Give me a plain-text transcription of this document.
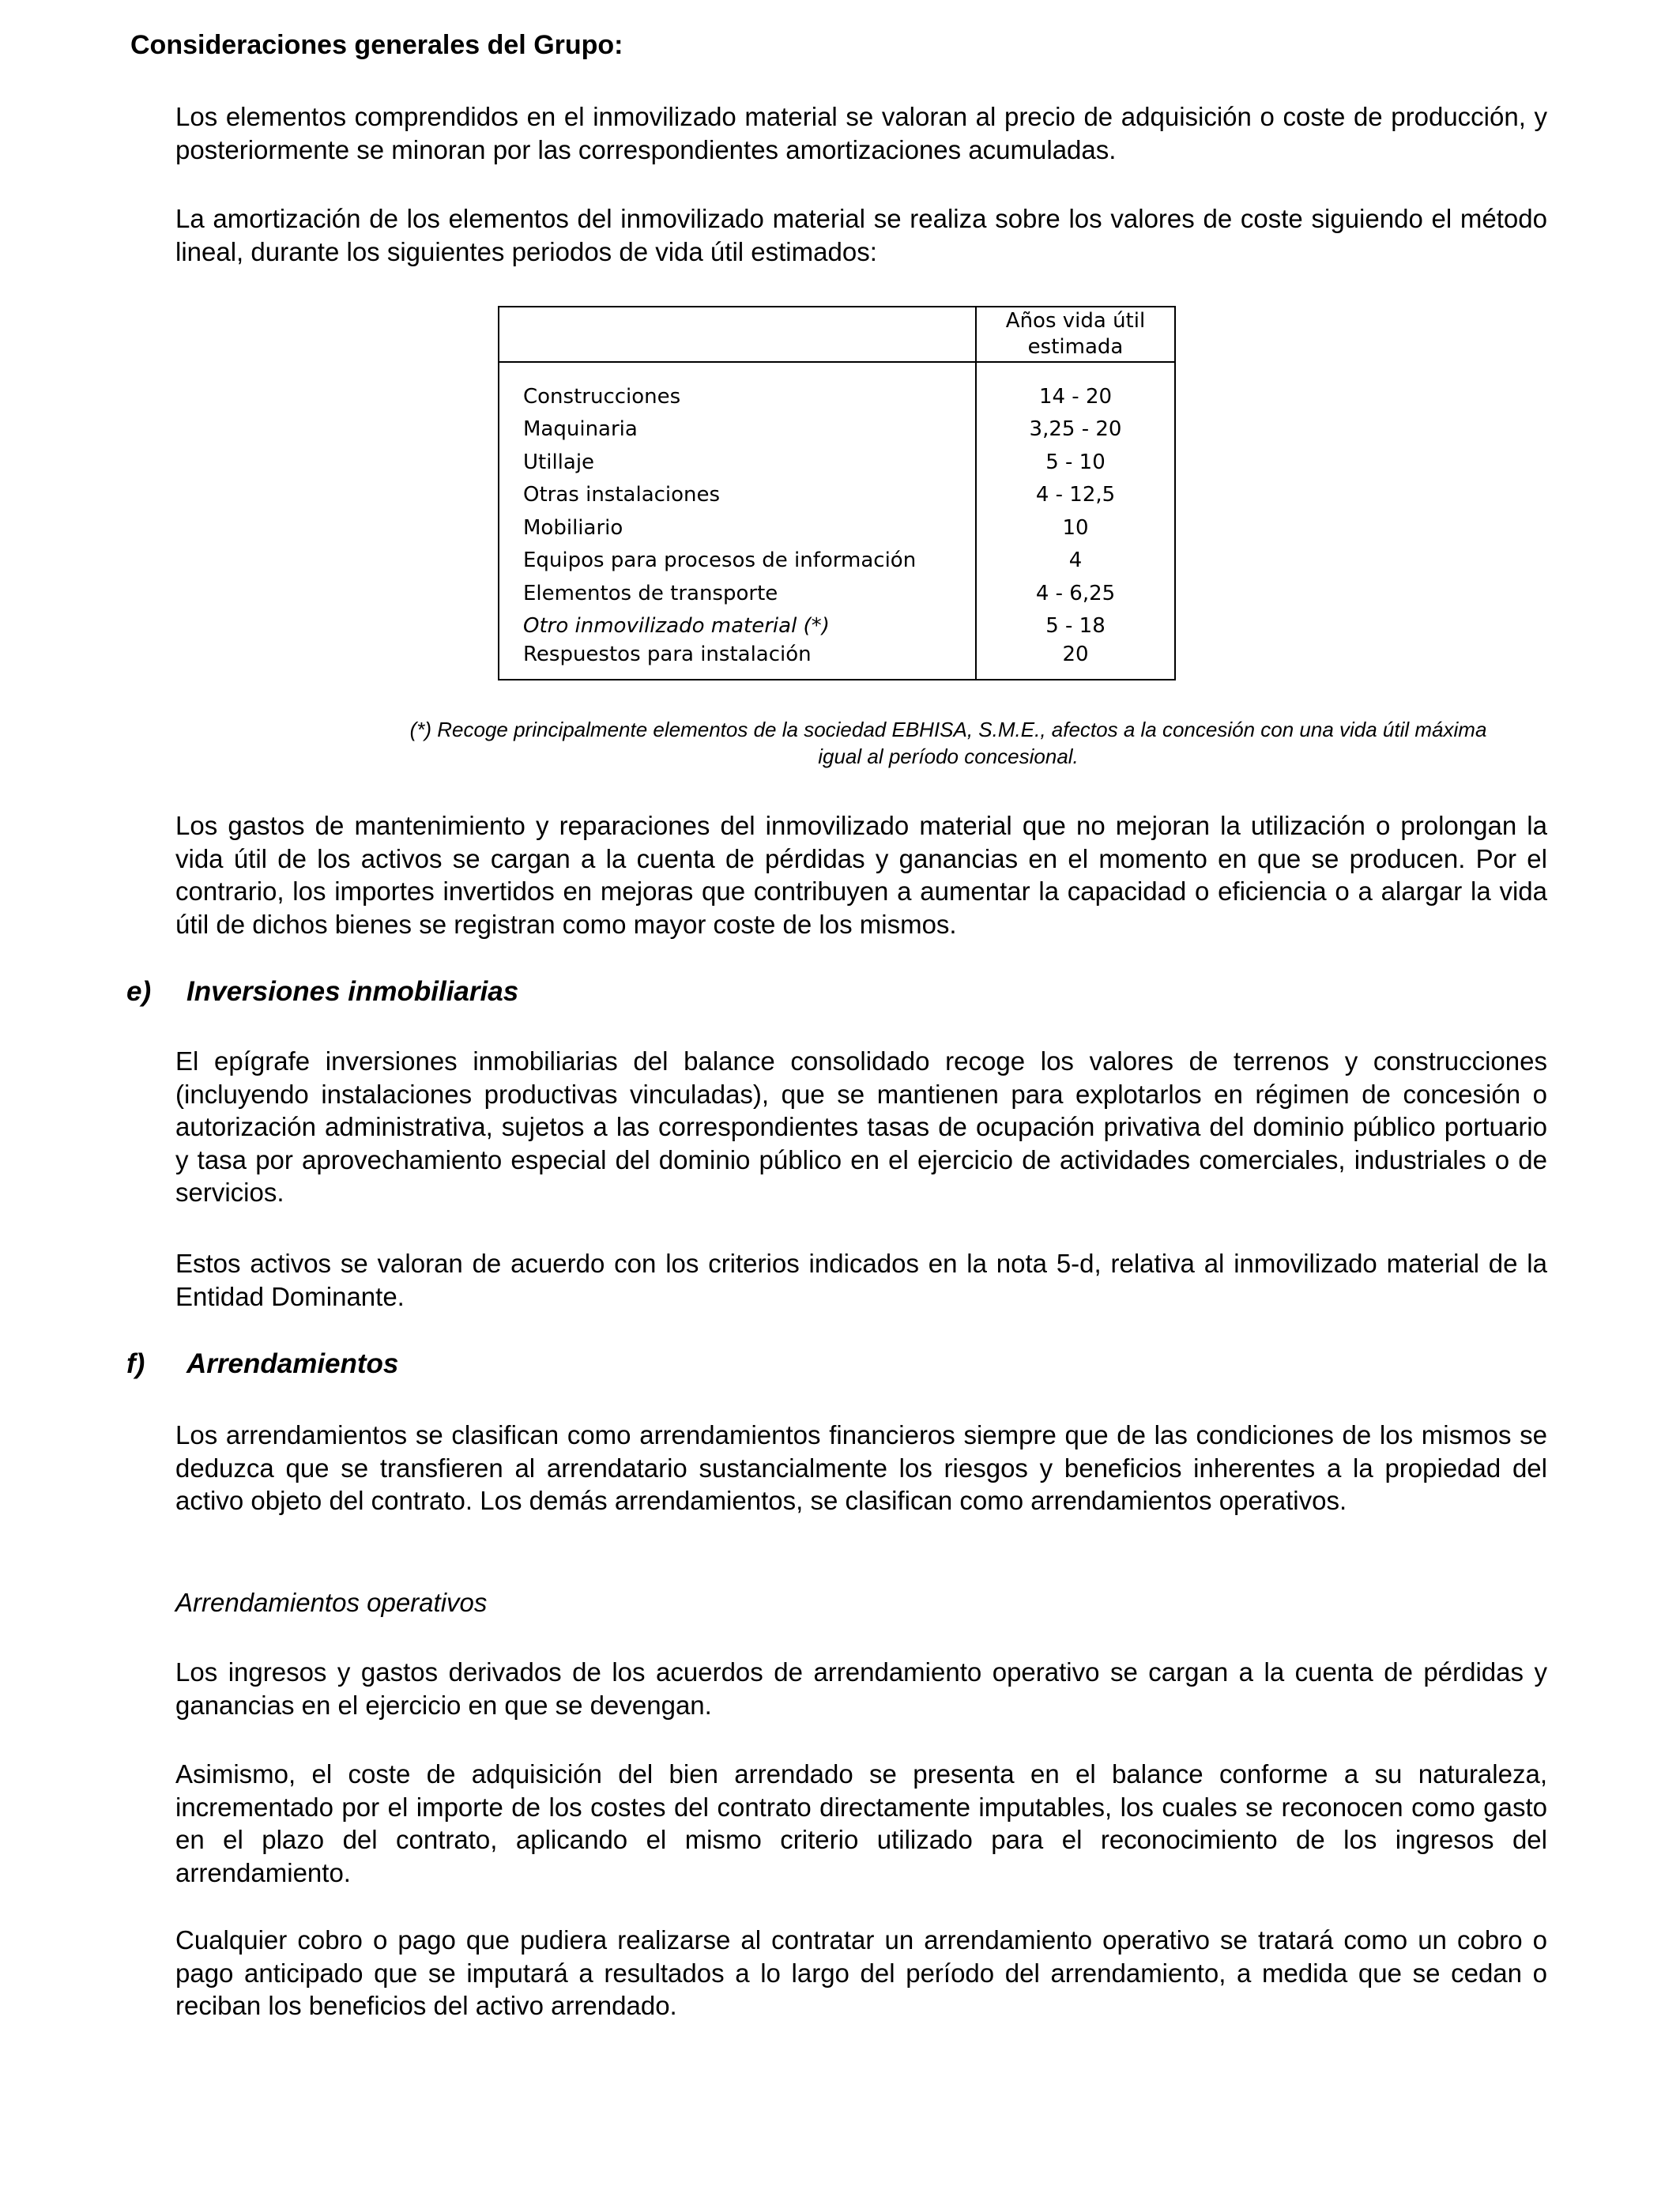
Consideraciones generales del Grupo:

Los elementos comprendidos en el inmovilizado material se valoran al precio de adquisición o coste de producción, y posteriormente se minoran por las correspondientes amortizaciones acumuladas.

La amortización de los elementos del inmovilizado material se realiza sobre los valores de coste siguiendo el método lineal, durante los siguientes periodos de vida útil estimados:

	Años vida útil
estimada

Construcciones	14 - 20
Maquinaria	3,25 - 20
Utillaje	5 - 10
Otras instalaciones	4 - 12,5
Mobiliario	10
Equipos para procesos de información	4
Elementos de transporte	4 - 6,25
Otro inmovilizado material (*)	5 - 18
Respuestos para instalación	20

(*) Recoge principalmente elementos de la sociedad EBHISA, S.M.E., afectos a la concesión con una vida útil máxima
igual al período concesional.

Los gastos de mantenimiento y reparaciones del inmovilizado material que no mejoran la utilización o prolongan la vida útil de los activos se cargan a la cuenta de pérdidas y ganancias en el momento en que se producen. Por el contrario, los importes invertidos en mejoras que contribuyen a aumentar la capacidad o eficiencia o a alargar la vida útil de dichos bienes se registran como mayor coste de los mismos.

e) Inversiones inmobiliarias

El epígrafe inversiones inmobiliarias del balance consolidado recoge los valores de terrenos y construcciones (incluyendo instalaciones productivas vinculadas), que se mantienen para explotarlos en régimen de concesión o autorización administrativa, sujetos a las correspondientes tasas de ocupación privativa del dominio público portuario y tasa por aprovechamiento especial del dominio público en el ejercicio de actividades comerciales, industriales o de servicios.

Estos activos se valoran de acuerdo con los criterios indicados en la nota 5-d, relativa al inmovilizado material de la Entidad Dominante.

f) Arrendamientos

Los arrendamientos se clasifican como arrendamientos financieros siempre que de las condiciones de los mismos se deduzca que se transfieren al arrendatario sustancialmente los riesgos y beneficios inherentes a la propiedad del activo objeto del contrato. Los demás arrendamientos, se clasifican como arrendamientos operativos.

Arrendamientos operativos

Los ingresos y gastos derivados de los acuerdos de arrendamiento operativo se cargan a la cuenta de pérdidas y ganancias en el ejercicio en que se devengan.

Asimismo, el coste de adquisición del bien arrendado se presenta en el balance conforme a su naturaleza, incrementado por el importe de los costes del contrato directamente imputables, los cuales se reconocen como gasto en el plazo del contrato, aplicando el mismo criterio utilizado para el reconocimiento de los ingresos del arrendamiento.

Cualquier cobro o pago que pudiera realizarse al contratar un arrendamiento operativo se tratará como un cobro o pago anticipado que se imputará a resultados a lo largo del período del arrendamiento, a medida que se cedan o reciban los beneficios del activo arrendado.
